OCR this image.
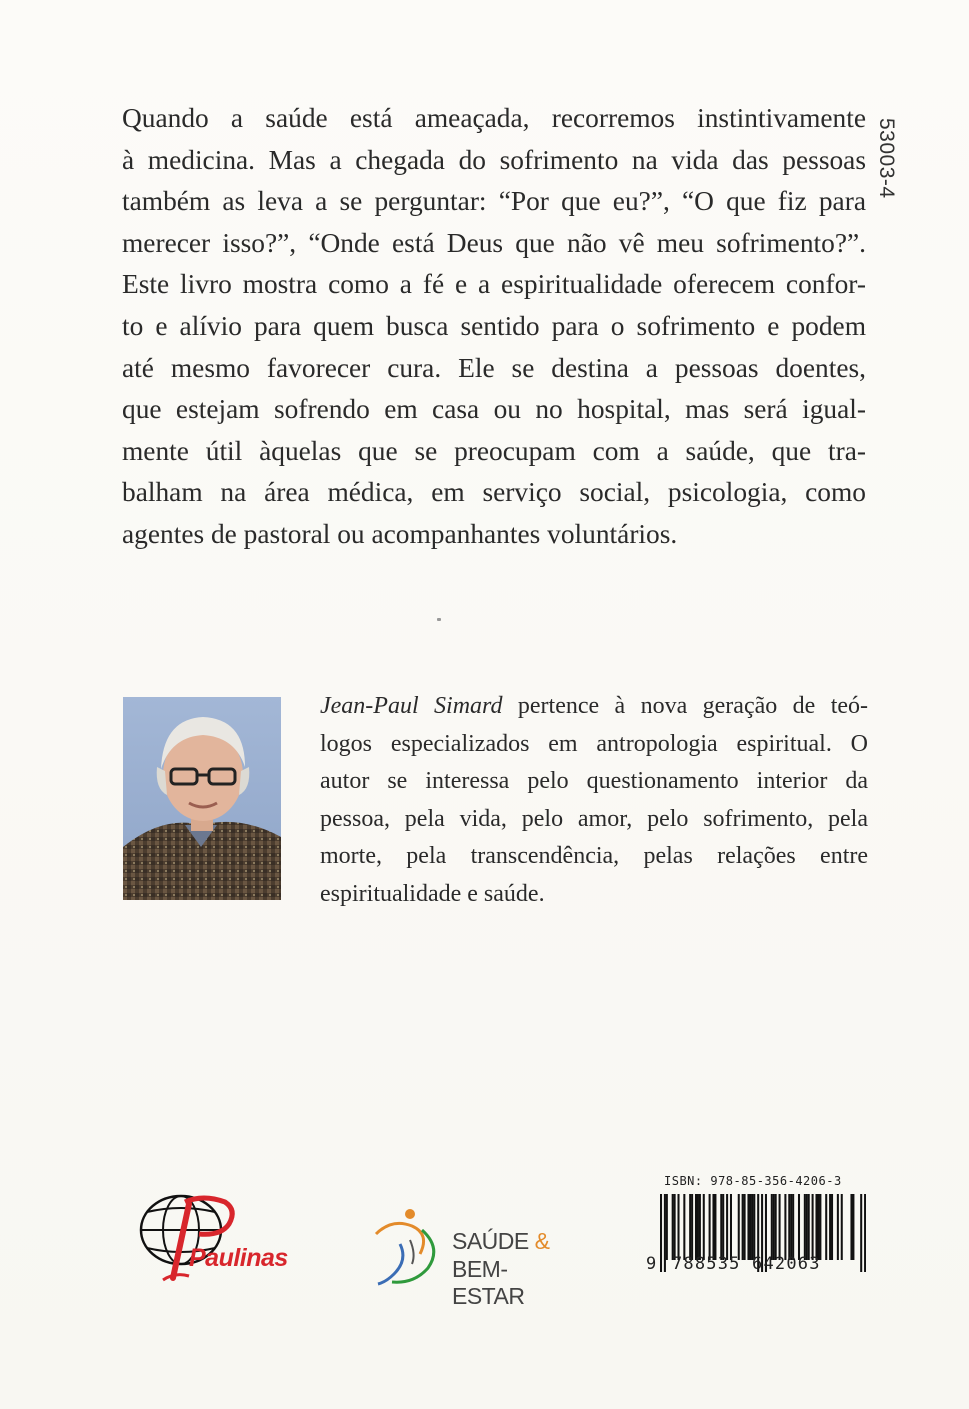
53003-4
Quando a saúde está ameaçada, recorremos instintivamente
à medicina. Mas a chegada do sofrimento na vida das pessoas
também as leva a se perguntar: “Por que eu?”, “O que fiz para
merecer isso?”, “Onde está Deus que não vê meu sofrimento?”.
Este livro mostra como a fé e a espiritualidade oferecem confor-
to e alívio para quem busca sentido para o sofrimento e podem
até mesmo favorecer cura. Ele se destina a pessoas doentes,
que estejam sofrendo em casa ou no hospital, mas será igual-
mente útil àquelas que se preocupam com a saúde, que tra-
balham na área médica, em serviço social, psicologia, como
agentes de pastoral ou acompanhantes voluntários.
Jean-Paul Simard pertence à nova geração de teó-
logos especializados em antropologia espiritual. O
autor se interessa pelo questionamento interior da
pessoa, pela vida, pelo amor, pelo sofrimento, pela
morte, pela transcendência, pelas relações entre
espiritualidade e saúde.
Paulinas
SAÚDE &
BEM-ESTAR
ISBN: 978-85-356-4206-3
9 788535 642063
